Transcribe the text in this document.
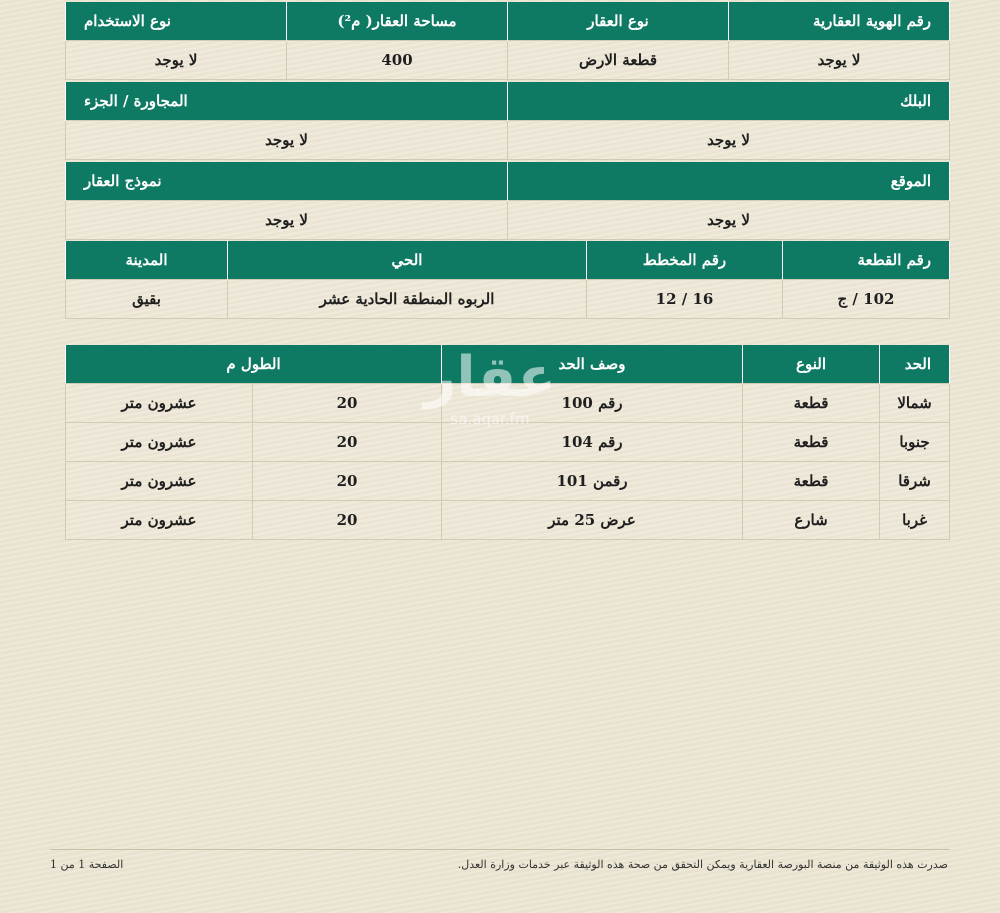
رقم الهوية العقارية	نوع العقار	مساحة العقار( م²)	نوع الاستخدام
لا يوجد	قطعة الارض	400	لا يوجد
البلك	المجاورة / الجزء
لا يوجد	لا يوجد
الموقع	نموذج العقار
لا يوجد	لا يوجد
رقم القطعة	رقم المخطط	الحي	المدينة
102 / ج	16 / 12	الربوه المنطقة الحادية عشر	بقيق
الحد	النوع	وصف الحد	الطول م	
شمالا	قطعة	رقم 100	20	عشرون متر
جنوبا	قطعة	رقم 104	20	عشرون متر
شرقا	قطعة	رقمن 101	20	عشرون متر
غربا	شارع	عرض 25 متر	20	عشرون متر
عقار
sa.aqar.fm
صدرت هذه الوثيقة من منصة البورصة العقارية ويمكن التحقق من صحة هذه الوثيقة عبر خدمات وزارة العدل.
الصفحة 1 من 1
